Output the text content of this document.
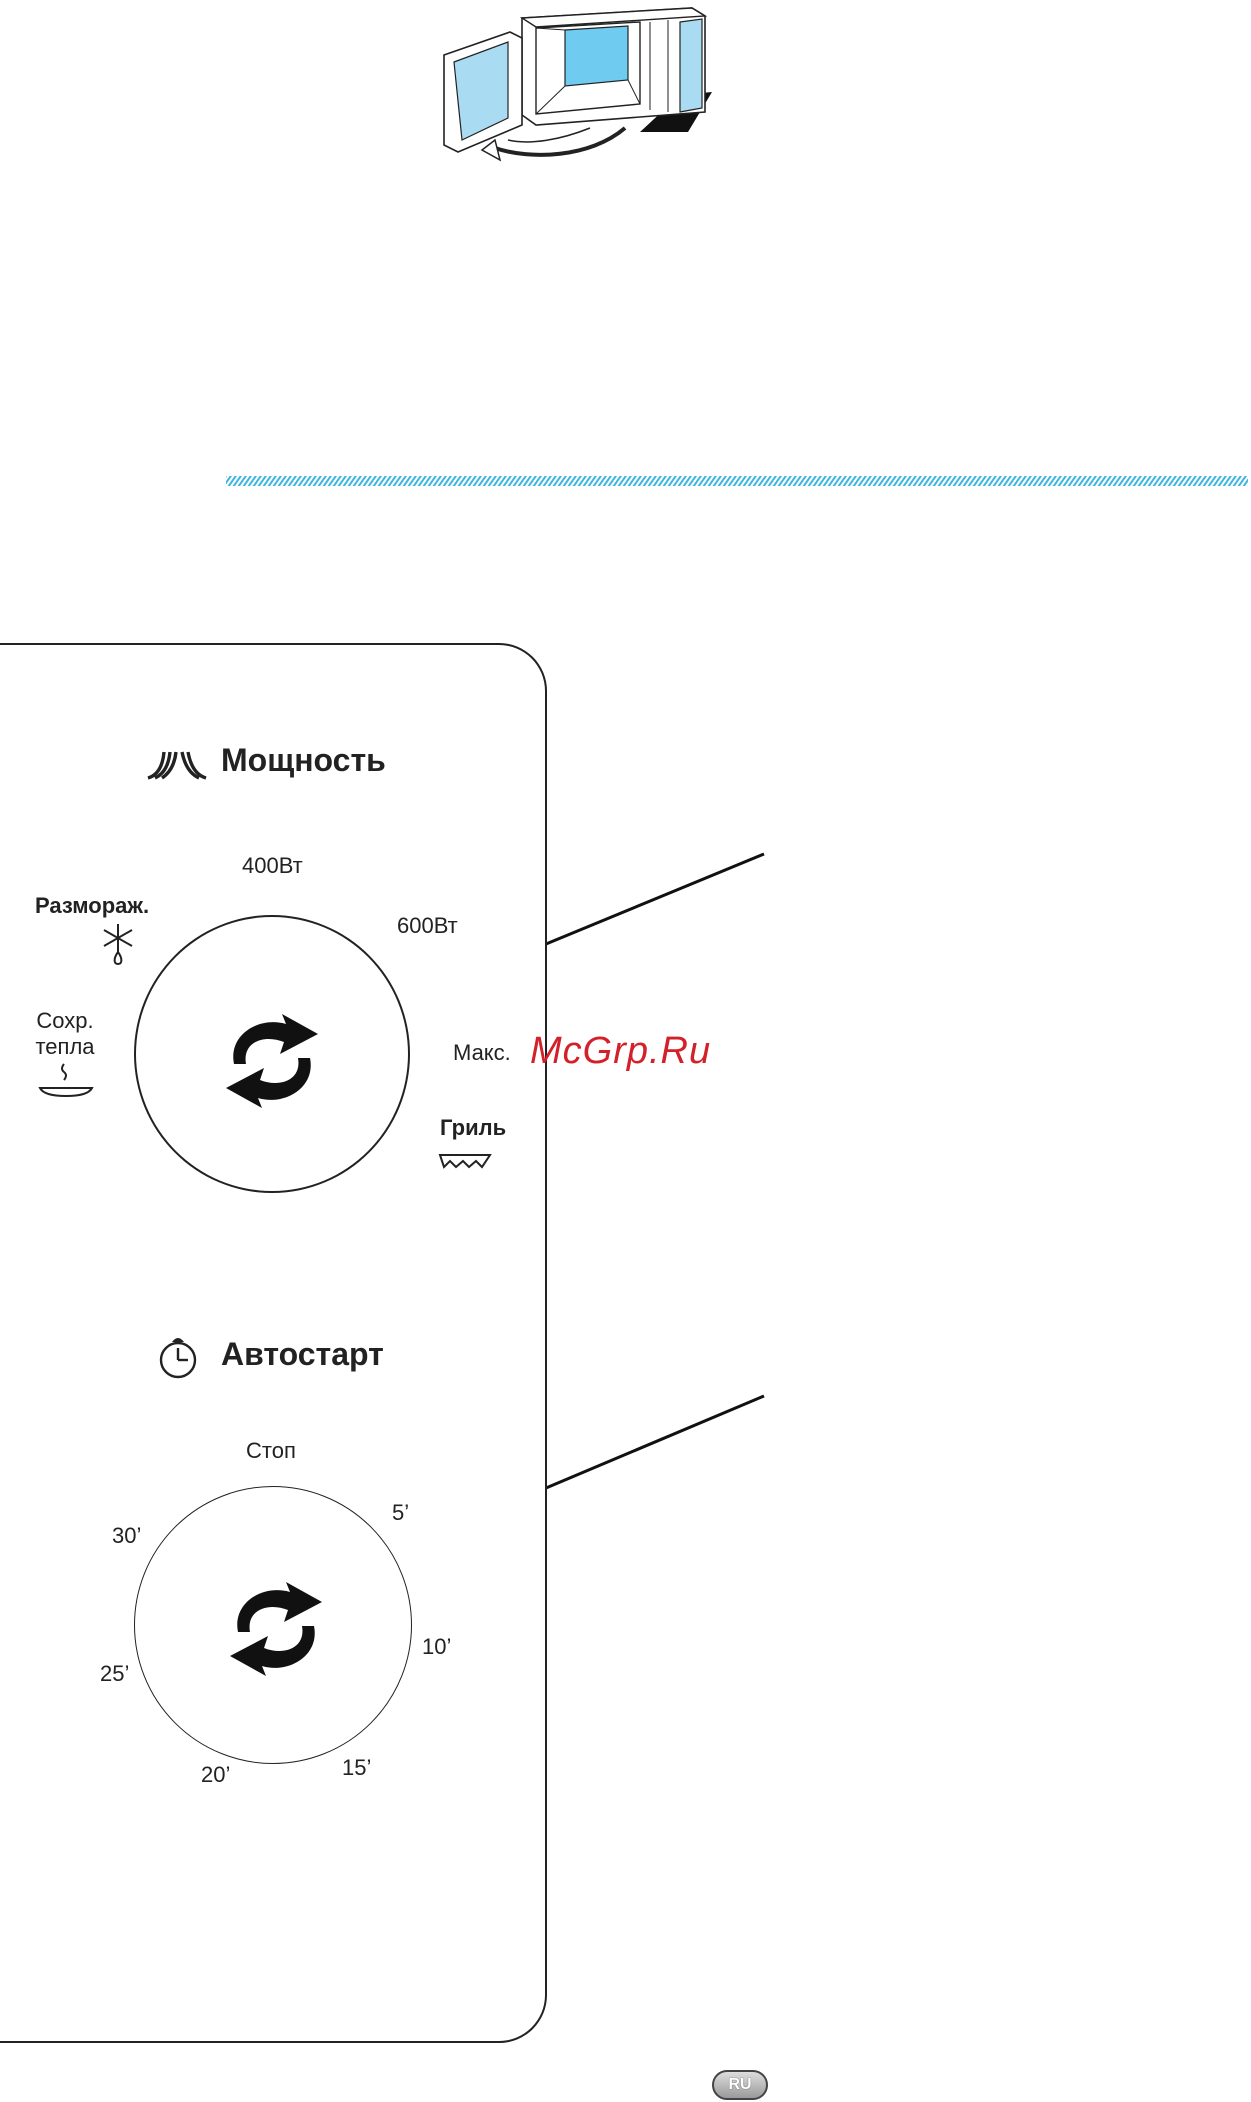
Мощность
400Вт
Разморaж.
600Вт
Сохр.
тепла	Макс.
Гриль
Автостарт
Стоп
5’
10’
15’
20’
25’
30’
McGrp.Ru
RU
